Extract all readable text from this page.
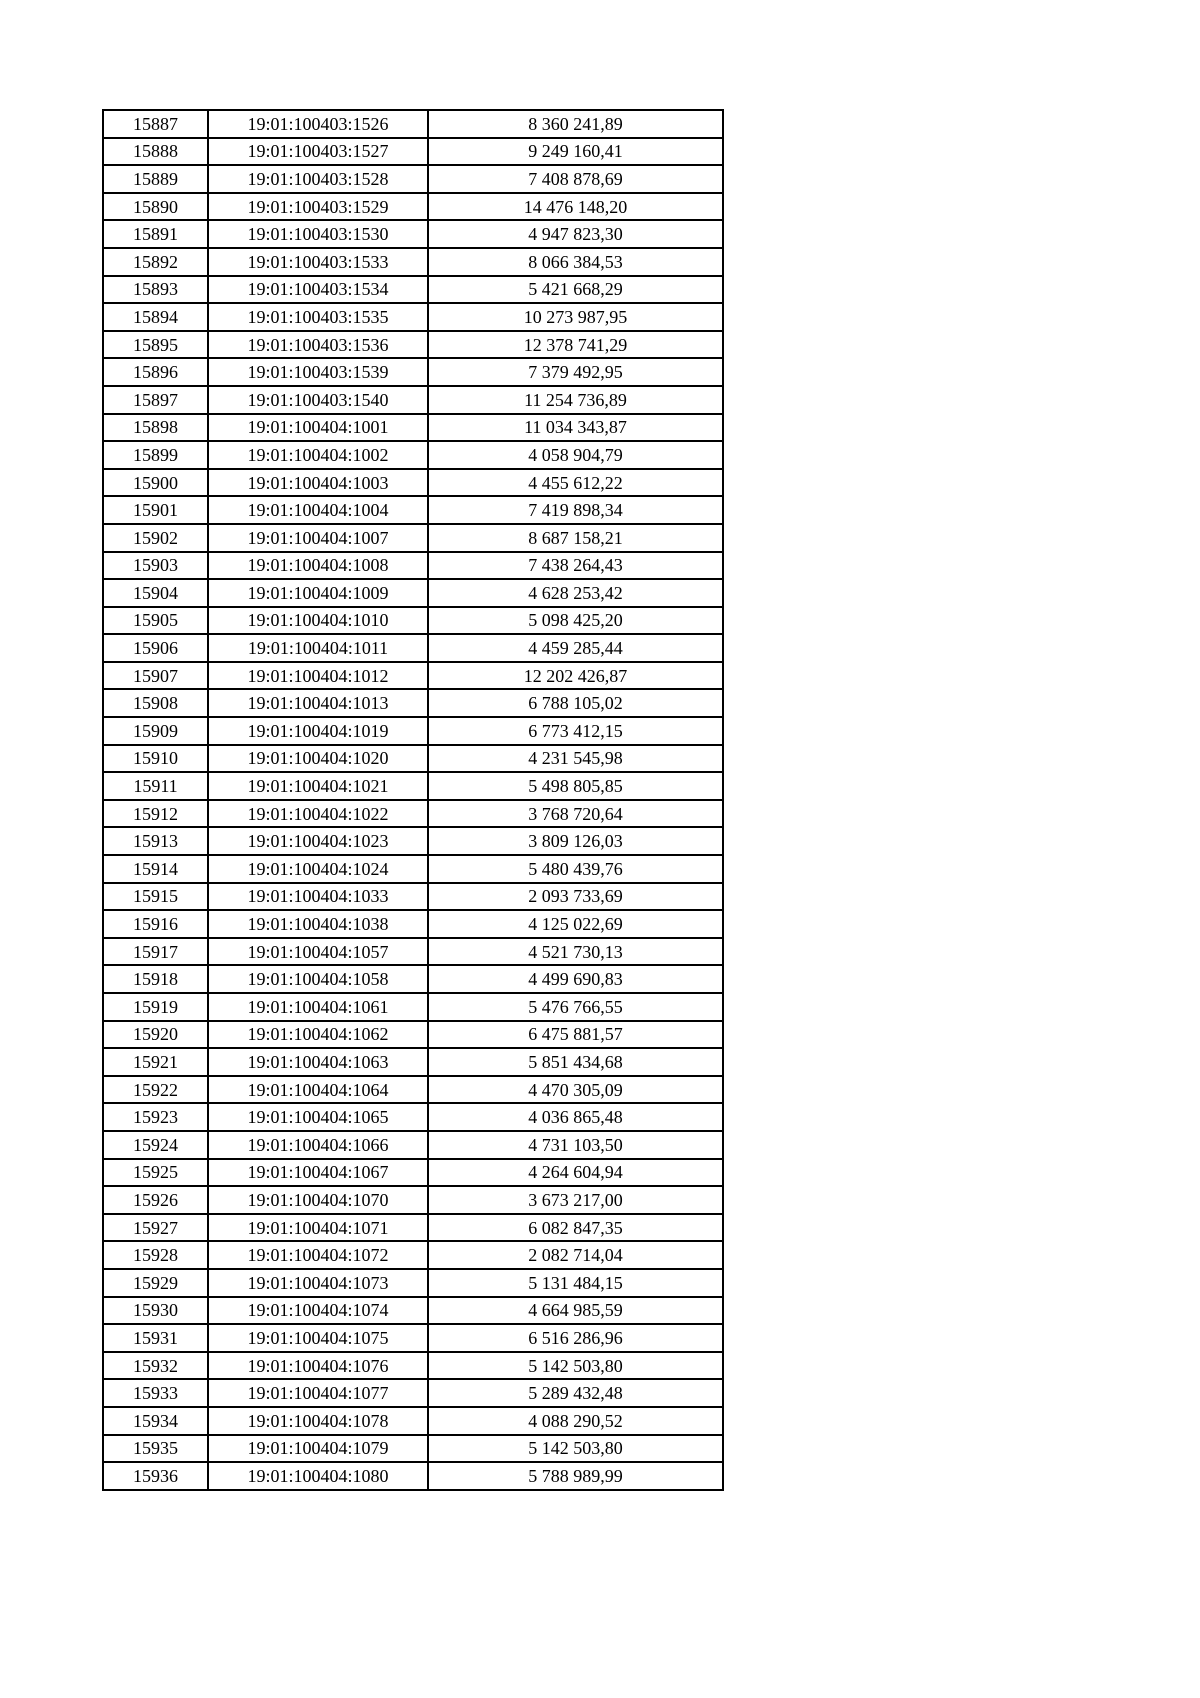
15887	19:01:100403:1526	8 360 241,89
15888	19:01:100403:1527	9 249 160,41
15889	19:01:100403:1528	7 408 878,69
15890	19:01:100403:1529	14 476 148,20
15891	19:01:100403:1530	4 947 823,30
15892	19:01:100403:1533	8 066 384,53
15893	19:01:100403:1534	5 421 668,29
15894	19:01:100403:1535	10 273 987,95
15895	19:01:100403:1536	12 378 741,29
15896	19:01:100403:1539	7 379 492,95
15897	19:01:100403:1540	11 254 736,89
15898	19:01:100404:1001	11 034 343,87
15899	19:01:100404:1002	4 058 904,79
15900	19:01:100404:1003	4 455 612,22
15901	19:01:100404:1004	7 419 898,34
15902	19:01:100404:1007	8 687 158,21
15903	19:01:100404:1008	7 438 264,43
15904	19:01:100404:1009	4 628 253,42
15905	19:01:100404:1010	5 098 425,20
15906	19:01:100404:1011	4 459 285,44
15907	19:01:100404:1012	12 202 426,87
15908	19:01:100404:1013	6 788 105,02
15909	19:01:100404:1019	6 773 412,15
15910	19:01:100404:1020	4 231 545,98
15911	19:01:100404:1021	5 498 805,85
15912	19:01:100404:1022	3 768 720,64
15913	19:01:100404:1023	3 809 126,03
15914	19:01:100404:1024	5 480 439,76
15915	19:01:100404:1033	2 093 733,69
15916	19:01:100404:1038	4 125 022,69
15917	19:01:100404:1057	4 521 730,13
15918	19:01:100404:1058	4 499 690,83
15919	19:01:100404:1061	5 476 766,55
15920	19:01:100404:1062	6 475 881,57
15921	19:01:100404:1063	5 851 434,68
15922	19:01:100404:1064	4 470 305,09
15923	19:01:100404:1065	4 036 865,48
15924	19:01:100404:1066	4 731 103,50
15925	19:01:100404:1067	4 264 604,94
15926	19:01:100404:1070	3 673 217,00
15927	19:01:100404:1071	6 082 847,35
15928	19:01:100404:1072	2 082 714,04
15929	19:01:100404:1073	5 131 484,15
15930	19:01:100404:1074	4 664 985,59
15931	19:01:100404:1075	6 516 286,96
15932	19:01:100404:1076	5 142 503,80
15933	19:01:100404:1077	5 289 432,48
15934	19:01:100404:1078	4 088 290,52
15935	19:01:100404:1079	5 142 503,80
15936	19:01:100404:1080	5 788 989,99
